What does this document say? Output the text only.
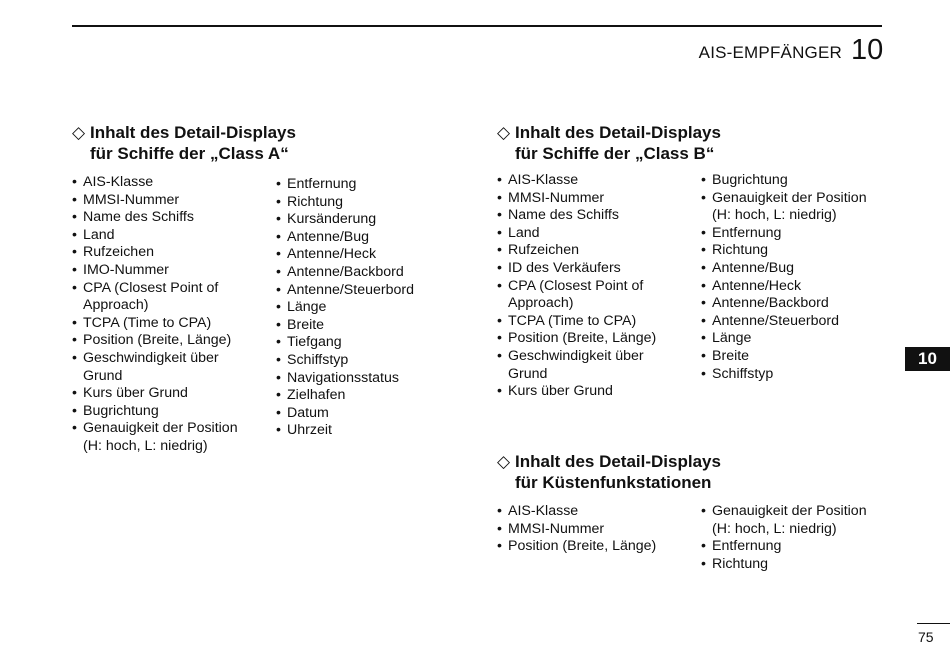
AIS-EMPFÄNGER 10
◇ Inhalt des Detail-Displays
für Schiffe der „Class A“
• AIS-Klasse
• MMSI-Nummer
• Name des Schiffs
• Land
• Rufzeichen
• IMO-Nummer
• CPA (Closest Point of
Approach)
• TCPA (Time to CPA)
• Position (Breite, Länge)
• Geschwindigkeit über
Grund
• Kurs über Grund
• Bugrichtung
• Genauigkeit der Position
(H: hoch, L: niedrig)
• Entfernung
• Richtung
• Kursänderung
• Antenne/Bug
• Antenne/Heck
• Antenne/Backbord
• Antenne/Steuerbord
• Länge
• Breite
• Tiefgang
• Schiffstyp
• Navigationsstatus
• Zielhafen
• Datum
• Uhrzeit
◇ Inhalt des Detail-Displays
für Schiffe der „Class B“
• AIS-Klasse
• MMSI-Nummer
• Name des Schiffs
• Land
• Rufzeichen
• ID des Verkäufers
• CPA (Closest Point of
Approach)
• TCPA (Time to CPA)
• Position (Breite, Länge)
• Geschwindigkeit über
Grund
• Kurs über Grund
• Bugrichtung
• Genauigkeit der Position
(H: hoch, L: niedrig)
• Entfernung
• Richtung
• Antenne/Bug
• Antenne/Heck
• Antenne/Backbord
• Antenne/Steuerbord
• Länge
• Breite
• Schiffstyp
◇ Inhalt des Detail-Displays
für Küstenfunkstationen
• AIS-Klasse
• MMSI-Nummer
• Position (Breite, Länge)
• Genauigkeit der Position
(H: hoch, L: niedrig)
• Entfernung
• Richtung
10
75
